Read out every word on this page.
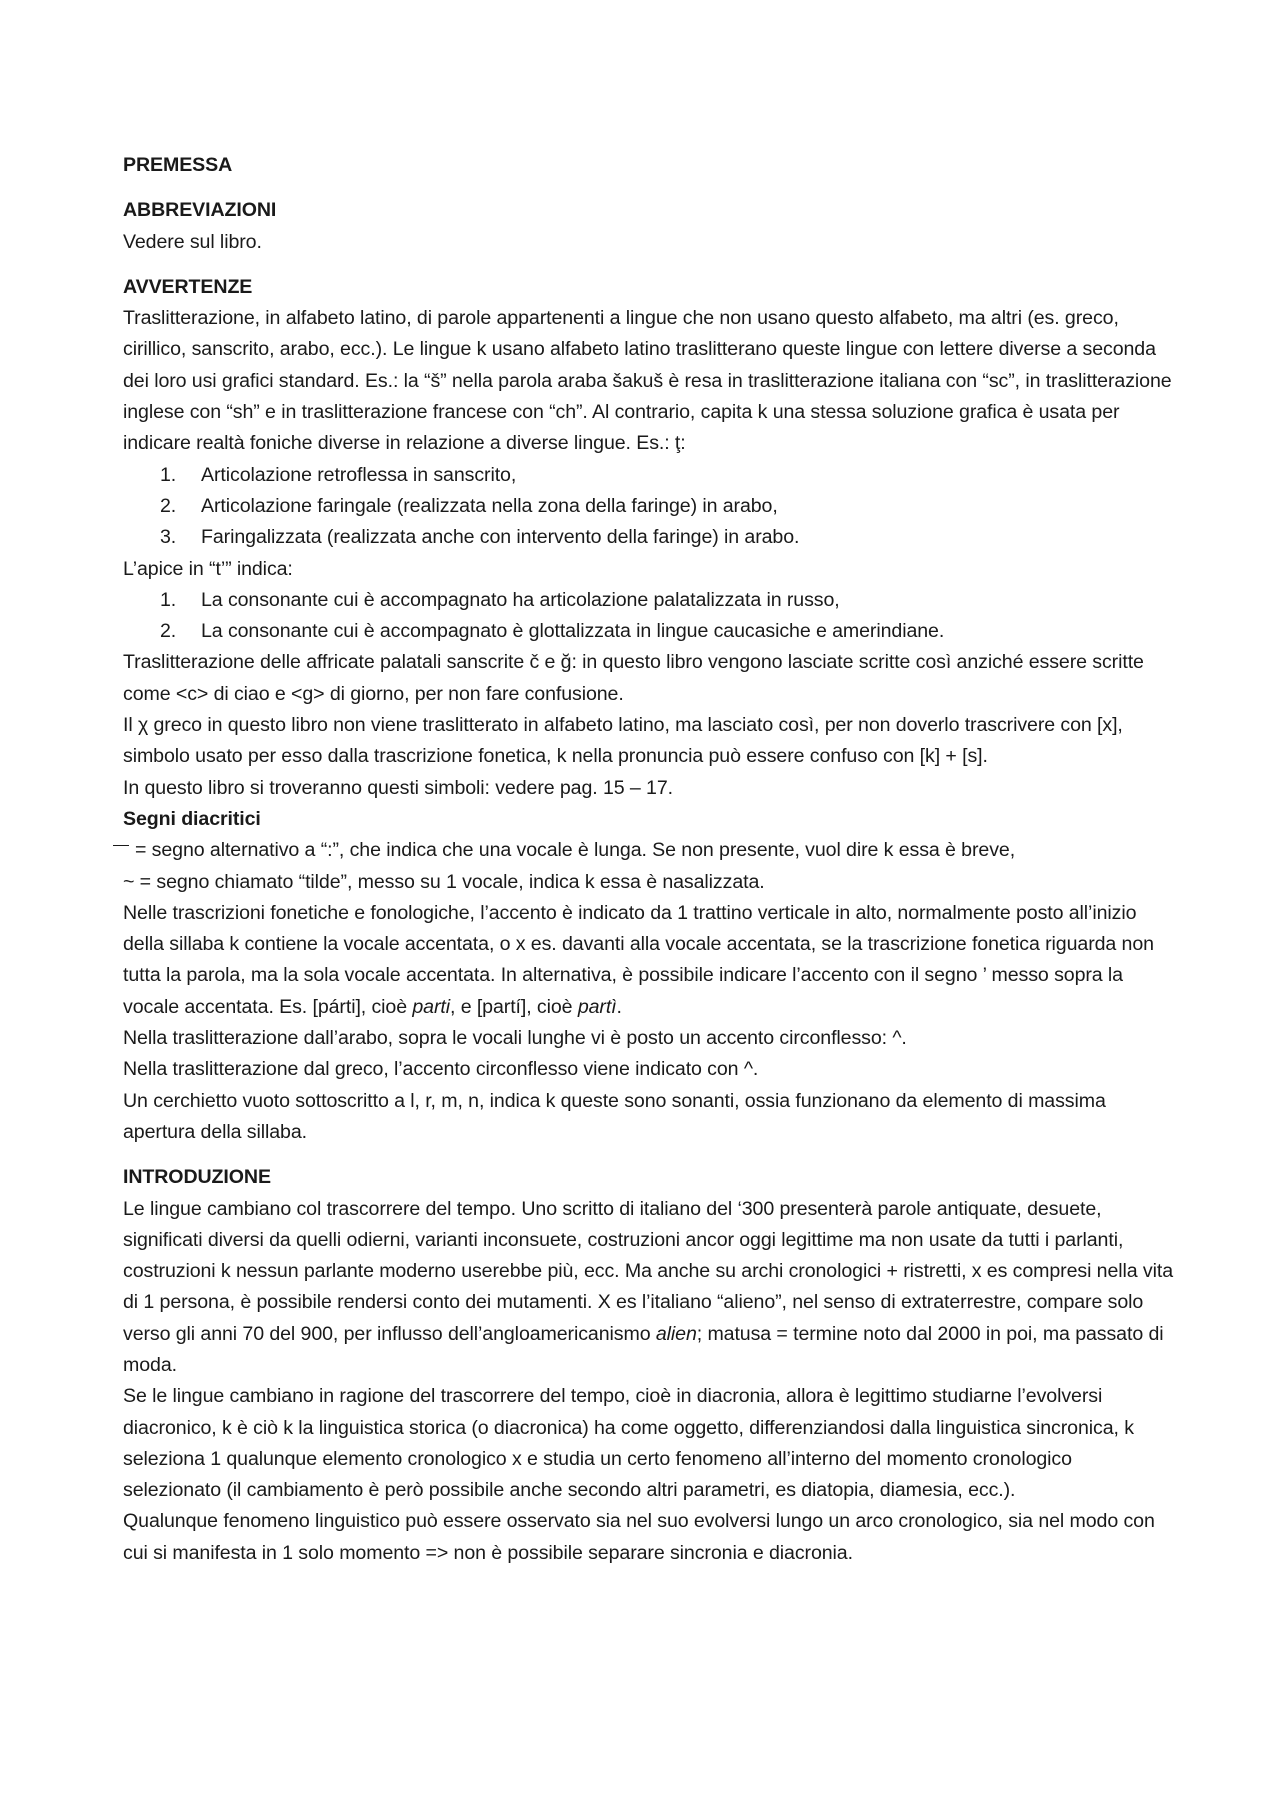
PREMESSA
ABBREVIAZIONI
Vedere sul libro.
AVVERTENZE
Traslitterazione, in alfabeto latino, di parole appartenenti a lingue che non usano questo alfabeto, ma altri (es. greco, cirillico, sanscrito, arabo, ecc.). Le lingue k usano alfabeto latino traslitterano queste lingue con lettere diverse a seconda dei loro usi grafici standard. Es.: la “š” nella parola araba šakuš è resa in traslitterazione italiana con “sc”, in traslitterazione inglese con “sh” e in traslitterazione francese con “ch”. Al contrario, capita k una stessa soluzione grafica è usata per indicare realtà foniche diverse in relazione a diverse lingue. Es.: ţ:
1. Articolazione retroflessa in sanscrito,
2. Articolazione faringale (realizzata nella zona della faringe) in arabo,
3. Faringalizzata (realizzata anche con intervento della faringe) in arabo.
L’apice in “t’” indica:
1. La consonante cui è accompagnato ha articolazione palatalizzata in russo,
2. La consonante cui è accompagnato è glottalizzata in lingue caucasiche e amerindiane.
Traslitterazione delle affricate palatali sanscrite č e ğ: in questo libro vengono lasciate scritte così anziché essere scritte come <c> di ciao e <g> di giorno, per non fare confusione.
Il χ greco in questo libro non viene traslitterato in alfabeto latino, ma lasciato così, per non doverlo trascrivere con [x], simbolo usato per esso dalla trascrizione fonetica, k nella pronuncia può essere confuso con [k] + [s].
In questo libro si troveranno questi simboli: vedere pag. 15 – 17.
Segni diacritici
= segno alternativo a “:”, che indica che una vocale è lunga. Se non presente, vuol dire k essa è breve,
~ = segno chiamato “tilde”, messo su 1 vocale, indica k essa è nasalizzata.
Nelle trascrizioni fonetiche e fonologiche, l’accento è indicato da 1 trattino verticale in alto, normalmente posto all’inizio della sillaba k contiene la vocale accentata, o x es. davanti alla vocale accentata, se la trascrizione fonetica riguarda non tutta la parola, ma la sola vocale accentata. In alternativa, è possibile indicare l’accento con il segno ’ messo sopra la vocale accentata. Es. [párti], cioè parti, e [partí], cioè partì.
Nella traslitterazione dall’arabo, sopra le vocali lunghe vi è posto un accento circonflesso: ^.
Nella traslitterazione dal greco, l’accento circonflesso viene indicato con ^.
Un cerchietto vuoto sottoscritto a l, r, m, n, indica k queste sono sonanti, ossia funzionano da elemento di massima apertura della sillaba.
INTRODUZIONE
Le lingue cambiano col trascorrere del tempo. Uno scritto di italiano del ‘300 presenterà parole antiquate, desuete, significati diversi da quelli odierni, varianti inconsuete, costruzioni ancor oggi legittime ma non usate da tutti i parlanti, costruzioni k nessun parlante moderno userebbe più, ecc. Ma anche su archi cronologici + ristretti, x es compresi nella vita di 1 persona, è possibile rendersi conto dei mutamenti. X es l’italiano “alieno”, nel senso di extraterrestre, compare solo verso gli anni 70 del 900, per influsso dell’angloamericanismo alien; matusa = termine noto dal 2000 in poi, ma passato di moda.
Se le lingue cambiano in ragione del trascorrere del tempo, cioè in diacronia, allora è legittimo studiarne l’evolversi diacronico, k è ciò k la linguistica storica (o diacronica) ha come oggetto, differenziandosi dalla linguistica sincronica, k seleziona 1 qualunque elemento cronologico x e studia un certo fenomeno all’interno del momento cronologico selezionato (il cambiamento è però possibile anche secondo altri parametri, es diatopia, diamesia, ecc.).
Qualunque fenomeno linguistico può essere osservato sia nel suo evolversi lungo un arco cronologico, sia nel modo con cui si manifesta in 1 solo momento => non è possibile separare sincronia e diacronia.
